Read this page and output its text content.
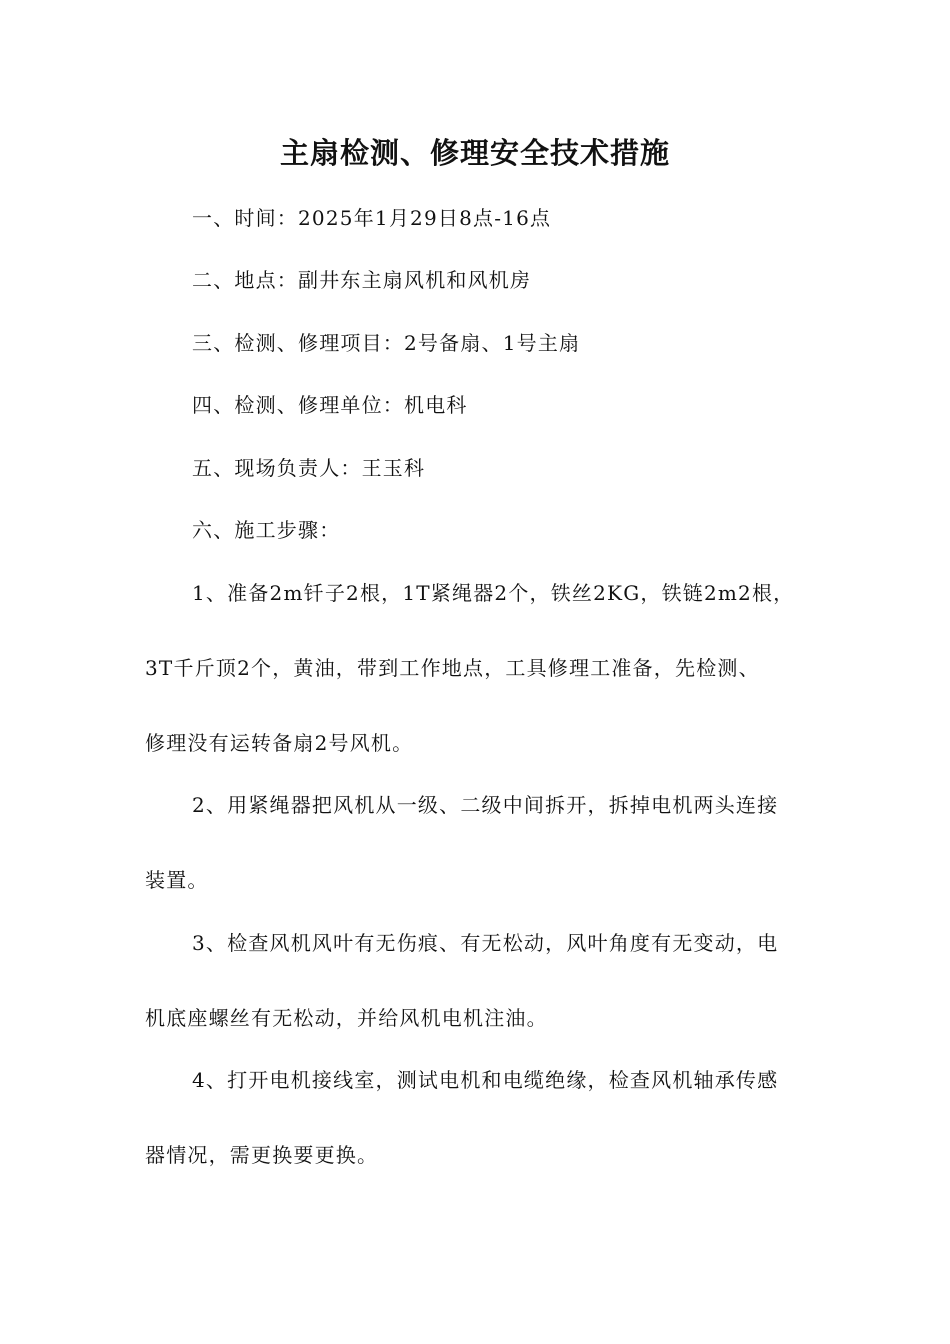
主扇检测、修理安全技术措施

一、时间：2025年1月29日8点-16点

二、地点：副井东主扇风机和风机房

三、检测、修理项目：2号备扇、1号主扇

四、检测、修理单位：机电科

五、现场负责人：王玉科

六、施工步骤：

1、准备2m钎子2根，1T紧绳器2个，铁丝2KG，铁链2m2根，

3T千斤顶2个，黄油，带到工作地点，工具修理工准备，先检测、

修理没有运转备扇2号风机。

2、用紧绳器把风机从一级、二级中间拆开，拆掉电机两头连接

装置。

3、检查风机风叶有无伤痕、有无松动，风叶角度有无变动，电

机底座螺丝有无松动，并给风机电机注油。

4、打开电机接线室，测试电机和电缆绝缘，检查风机轴承传感

器情况，需更换要更换。
